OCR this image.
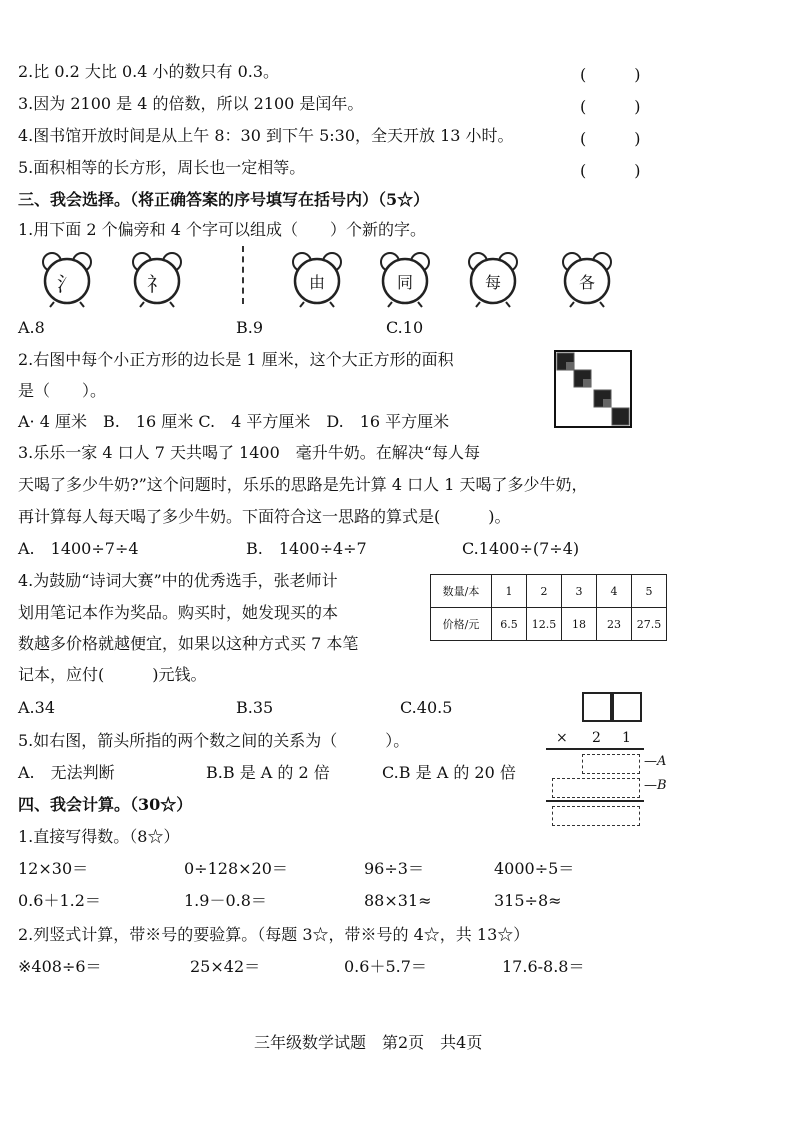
2.比 0.2 大比 0.4 小的数只有 0.3。	(　　　)
3.因为 2100 是 4 的倍数，所以 2100 是闰年。	(　　　)
4.图书馆开放时间是从上午 8：30 到下午 5:30，全天开放 13 小时。	(　　　)
5.面积相等的长方形，周长也一定相等。	(　　　)
三、我会选择。（将正确答案的序号填写在括号内）（5☆）
1.用下面 2 个偏旁和 4 个字可以组成（　　）个新的字。
氵	礻	由	同	每	各
A.8	B.9	C.10
2.右图中每个小正方形的边长是 1 厘米，这个大正方形的面积
是（　　）。
A· 4 厘米　B.　16 厘米 C.　4 平方厘米　D.　16 平方厘米
3.乐乐一家 4 口人 7 天共喝了 1400　毫升牛奶。在解决“每人每
天喝了多少牛奶?”这个问题时，乐乐的思路是先计算 4 口人 1 天喝了多少牛奶，
再计算每人每天喝了多少牛奶。下面符合这一思路的算式是(　　　)。
A.　1400÷7÷4	B.　1400÷4÷7	C.1400÷(7÷4)
4.为鼓励“诗词大赛”中的优秀选手，张老师计
划用笔记本作为奖品。购买时，她发现买的本
数越多价格就越便宜，如果以这种方式买 7 本笔
记本，应付(　　　)元钱。
数量/本	1	2	3	4	5
价格/元	6.5	12.5	18	23	27.5
A.34	B.35	C.40.5
× 2 1
—A
—B
5.如右图，箭头所指的两个数之间的关系为（　　　）。
A.　无法判断	B.B 是 A 的 2 倍	C.B 是 A 的 20 倍
四、我会计算。（30☆）
1.直接写得数。（8☆）
12×30＝	0÷128×20＝	96÷3＝	4000÷5＝
0.6＋1.2＝	1.9－0.8＝	88×31≈	315÷8≈
2.列竖式计算，带※号的要验算。（每题 3☆，带※号的 4☆，共 13☆）
※408÷6＝	25×42＝	0.6＋5.7＝	17.6-8.8＝
三年级数学试题　第2页　共4页
